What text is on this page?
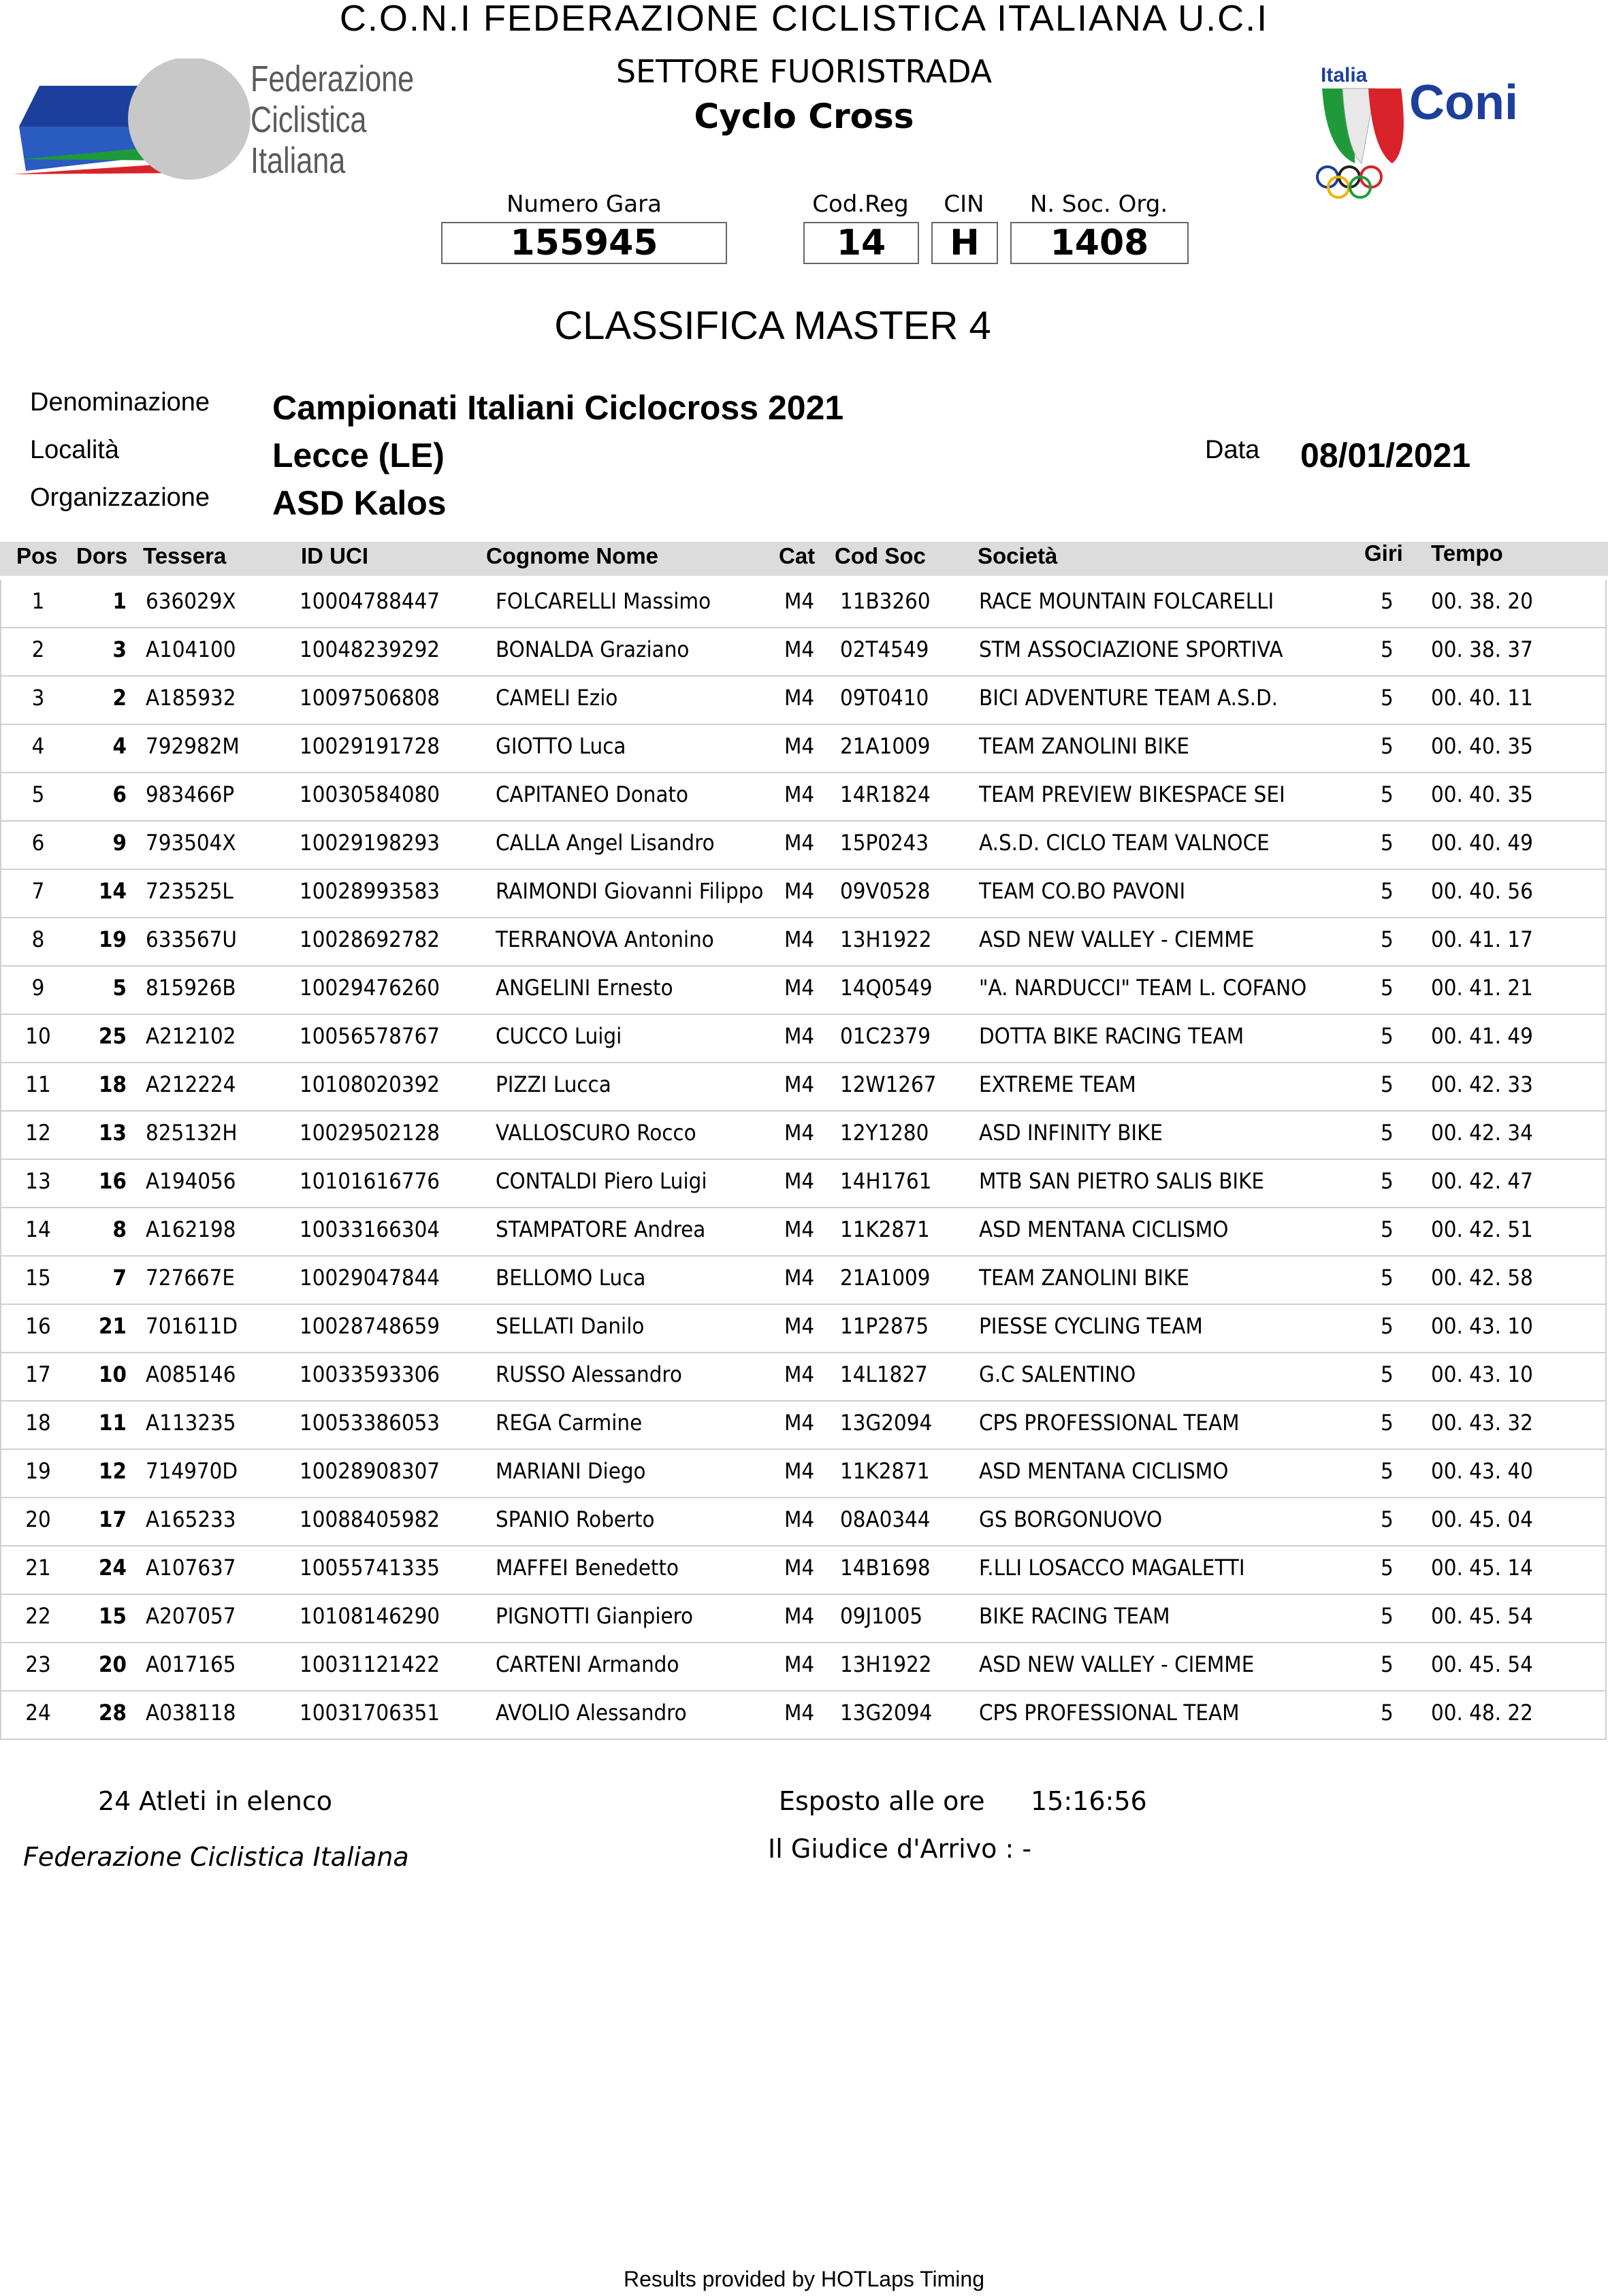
C.O.N.I FEDERAZIONE CICLISTICA ITALIANA U.C.I
SETTORE FUORISTRADA
Cyclo Cross
Federazione
Ciclistica
Italiana
Italia
Coni
Numero Gara
155945
Cod.Reg
14
CIN
H
N. Soc. Org.
1408
CLASSIFICA MASTER 4
Denominazione Campionati Italiani Ciclocross 2021
Località	Lecce (LE)	Data 08/01/2021
Organizzazione ASD Kalos
Pos Dors Tessera	ID UCI	Cognome Nome	Cat Cod Soc Società	Giri Tempo
1	1 636029X	10004788447	FOLCARELLI Massimo	M4 11B3260 RACE MOUNTAIN FOLCARELLI	5 00. 38. 20
2	3 A104100	10048239292	BONALDA Graziano	M4 02T4549 STM ASSOCIAZIONE SPORTIVA	5 00. 38. 37
3	2 A185932	10097506808	CAMELI Ezio	M4 09T0410 BICI ADVENTURE TEAM A.S.D.	5 00. 40. 11
4	4 792982M	10029191728	GIOTTO Luca	M4 21A1009 TEAM ZANOLINI BIKE	5 00. 40. 35
5	6 983466P	10030584080	CAPITANEO Donato	M4 14R1824 TEAM PREVIEW BIKESPACE SEI	5 00. 40. 35
6	9 793504X	10029198293	CALLA Angel Lisandro	M4 15P0243 A.S.D. CICLO TEAM VALNOCE	5 00. 40. 49
7	14 723525L	10028993583	RAIMONDI Giovanni Filippo M4 09V0528 TEAM CO.BO PAVONI	5 00. 40. 56
8	19 633567U	10028692782	TERRANOVA Antonino	M4 13H1922 ASD NEW VALLEY - CIEMME	5 00. 41. 17
9	5 815926B	10029476260	ANGELINI Ernesto	M4 14Q0549 "A. NARDUCCI" TEAM L. COFANO	5 00. 41. 21
10	25 A212102	10056578767	CUCCO Luigi	M4 01C2379 DOTTA BIKE RACING TEAM	5 00. 41. 49
11	18 A212224	10108020392	PIZZI Lucca	M4 12W1267 EXTREME TEAM	5 00. 42. 33
12	13 825132H	10029502128	VALLOSCURO Rocco	M4 12Y1280 ASD INFINITY BIKE	5 00. 42. 34
13	16 A194056	10101616776	CONTALDI Piero Luigi	M4 14H1761 MTB SAN PIETRO SALIS BIKE	5 00. 42. 47
14	8 A162198	10033166304	STAMPATORE Andrea	M4 11K2871 ASD MENTANA CICLISMO	5 00. 42. 51
15	7 727667E	10029047844	BELLOMO Luca	M4 21A1009 TEAM ZANOLINI BIKE	5 00. 42. 58
16	21 701611D	10028748659	SELLATI Danilo	M4 11P2875 PIESSE CYCLING TEAM	5 00. 43. 10
17	10 A085146	10033593306	RUSSO Alessandro	M4 14L1827 G.C SALENTINO	5 00. 43. 10
18	11 A113235	10053386053	REGA Carmine	M4 13G2094 CPS PROFESSIONAL TEAM	5 00. 43. 32
19	12 714970D	10028908307	MARIANI Diego	M4 11K2871 ASD MENTANA CICLISMO	5 00. 43. 40
20	17 A165233	10088405982	SPANIO Roberto	M4 08A0344 GS BORGONUOVO	5 00. 45. 04
21	24 A107637	10055741335	MAFFEI Benedetto	M4 14B1698 F.LLI LOSACCO MAGALETTI	5 00. 45. 14
22	15 A207057	10108146290	PIGNOTTI Gianpiero	M4 09J1005	BIKE RACING TEAM	5 00. 45. 54
23	20 A017165	10031121422	CARTENI Armando	M4 13H1922 ASD NEW VALLEY - CIEMME	5 00. 45. 54
24	28 A038118	10031706351	AVOLIO Alessandro	M4 13G2094 CPS PROFESSIONAL TEAM	5 00. 48. 22
24 Atleti in elenco	Esposto alle ore 15:16:56
Il Giudice d'Arrivo : -
Federazione Ciclistica Italiana
Results provided by HOTLaps Timing
